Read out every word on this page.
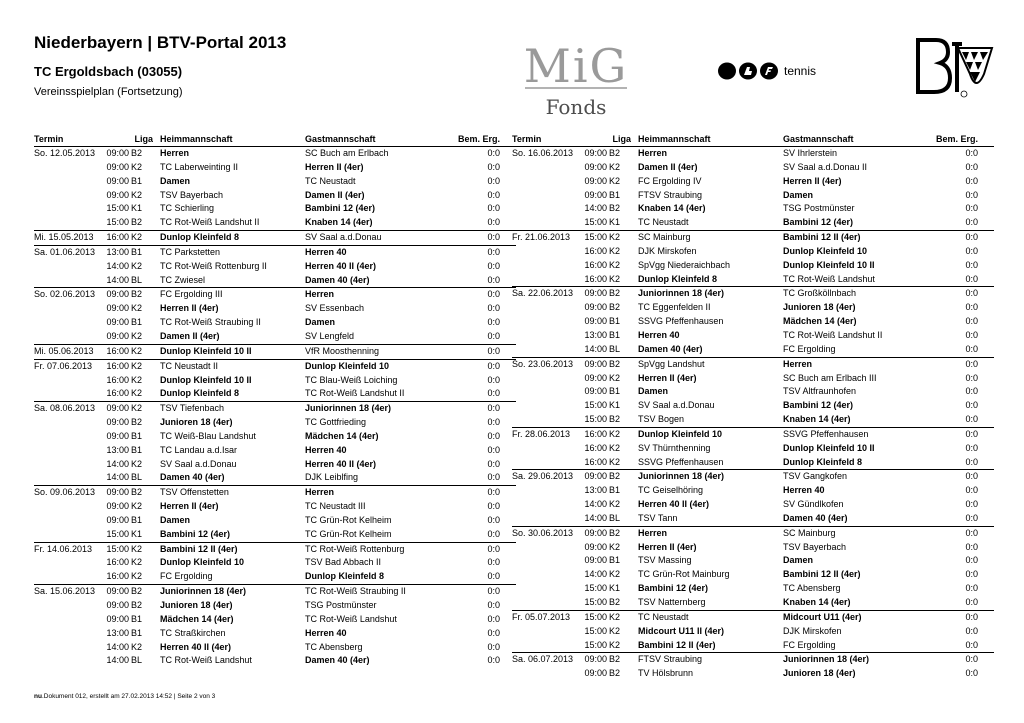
Niederbayern | BTV-Portal 2013
TC Ergoldsbach (03055)
Vereinsspielplan (Fortsetzung)	MiG
Fonds
tennis
Termin	Liga Heimmannschaft	Gastmannschaft	Bem. Erg.
So. 12.05.2013	09:00 B2	Herren	SC Buch am Erlbach	0:0
09:00 K2	TC Laberweinting II	Herren II (4er)	0:0
09:00 B1	Damen	TC Neustadt	0:0
09:00 K2	TSV Bayerbach	Damen II (4er)	0:0
15:00 K1	TC Schierling	Bambini 12 (4er)	0:0
15:00 B2	TC Rot-Weiß Landshut II	Knaben 14 (4er)	0:0
Mi. 15.05.2013	16:00 K2	Dunlop Kleinfeld 8	SV Saal a.d.Donau	0:0
Sa. 01.06.2013	13:00 B1	TC Parkstetten	Herren 40	0:0
14:00 K2	TC Rot-Weiß Rottenburg II	Herren 40 II (4er)	0:0
14:00 BL	TC Zwiesel	Damen 40 (4er)	0:0
So. 02.06.2013	09:00 B2	FC Ergolding III	Herren	0:0
09:00 K2	Herren II (4er)	SV Essenbach	0:0
09:00 B1	TC Rot-Weiß Straubing II	Damen	0:0
09:00 K2	Damen II (4er)	SV Lengfeld	0:0
Mi. 05.06.2013	16:00 K2	Dunlop Kleinfeld 10 II	VfR Moosthenning	0:0
Fr. 07.06.2013	16:00 K2	TC Neustadt II	Dunlop Kleinfeld 10	0:0
16:00 K2	Dunlop Kleinfeld 10 II	TC Blau-Weiß Loiching	0:0
16:00 K2	Dunlop Kleinfeld 8	TC Rot-Weiß Landshut II	0:0
Sa. 08.06.2013	09:00 K2	TSV Tiefenbach	Juniorinnen 18 (4er)	0:0
09:00 B2	Junioren 18 (4er)	TC Gottfrieding	0:0
09:00 B1	TC Weiß-Blau Landshut	Mädchen 14 (4er)	0:0
13:00 B1	TC Landau a.d.Isar	Herren 40	0:0
14:00 K2	SV Saal a.d.Donau	Herren 40 II (4er)	0:0
14:00 BL	Damen 40 (4er)	DJK Leiblfing	0:0
So. 09.06.2013	09:00 B2	TSV Offenstetten	Herren	0:0
09:00 K2	Herren II (4er)	TC Neustadt III	0:0
09:00 B1	Damen	TC Grün-Rot Kelheim	0:0
15:00 K1	Bambini 12 (4er)	TC Grün-Rot Kelheim	0:0
Fr. 14.06.2013	15:00 K2	Bambini 12 II (4er)	TC Rot-Weiß Rottenburg	0:0
16:00 K2	Dunlop Kleinfeld 10	TSV Bad Abbach II	0:0
16:00 K2	FC Ergolding	Dunlop Kleinfeld 8	0:0
Sa. 15.06.2013	09:00 B2	Juniorinnen 18 (4er)	TC Rot-Weiß Straubing II	0:0
09:00 B2	Junioren 18 (4er)	TSG Postmünster	0:0
09:00 B1	Mädchen 14 (4er)	TC Rot-Weiß Landshut	0:0
13:00 B1	TC Straßkirchen	Herren 40	0:0
14:00 K2	Herren 40 II (4er)	TC Abensberg	0:0
14:00 BL	TC Rot-Weiß Landshut	Damen 40 (4er)	0:0
Termin	Liga Heimmannschaft	Gastmannschaft	Bem. Erg.
So. 16.06.2013	09:00 B2	Herren	SV Ihrlerstein	0:0
09:00 K2	Damen II (4er)	SV Saal a.d.Donau II	0:0
09:00 K2	FC Ergolding IV	Herren II (4er)	0:0
09:00 B1	FTSV Straubing	Damen	0:0
14:00 B2	Knaben 14 (4er)	TSG Postmünster	0:0
15:00 K1	TC Neustadt	Bambini 12 (4er)	0:0
Fr. 21.06.2013	15:00 K2	SC Mainburg	Bambini 12 II (4er)	0:0
16:00 K2	DJK Mirskofen	Dunlop Kleinfeld 10	0:0
16:00 K2	SpVgg Niederaichbach	Dunlop Kleinfeld 10 II	0:0
16:00 K2	Dunlop Kleinfeld 8	TC Rot-Weiß Landshut	0:0
Sa. 22.06.2013	09:00 B2	Juniorinnen 18 (4er)	TC Großköllnbach	0:0
09:00 B2	TC Eggenfelden II	Junioren 18 (4er)	0:0
09:00 B1	SSVG Pfeffenhausen	Mädchen 14 (4er)	0:0
13:00 B1	Herren 40	TC Rot-Weiß Landshut II	0:0
14:00 BL	Damen 40 (4er)	FC Ergolding	0:0
So. 23.06.2013	09:00 B2	SpVgg Landshut	Herren	0:0
09:00 K2	Herren II (4er)	SC Buch am Erlbach III	0:0
09:00 B1	Damen	TSV Altfraunhofen	0:0
15:00 K1	SV Saal a.d.Donau	Bambini 12 (4er)	0:0
15:00 B2	TSV Bogen	Knaben 14 (4er)	0:0
Fr. 28.06.2013	16:00 K2	Dunlop Kleinfeld 10	SSVG Pfeffenhausen	0:0
16:00 K2	SV Thürnthenning	Dunlop Kleinfeld 10 II	0:0
16:00 K2	SSVG Pfeffenhausen	Dunlop Kleinfeld 8	0:0
Sa. 29.06.2013	09:00 B2	Juniorinnen 18 (4er)	TSV Gangkofen	0:0
13:00 B1	TC Geiselhöring	Herren 40	0:0
14:00 K2	Herren 40 II (4er)	SV Gündlkofen	0:0
14:00 BL	TSV Tann	Damen 40 (4er)	0:0
So. 30.06.2013	09:00 B2	Herren	SC Mainburg	0:0
09:00 K2	Herren II (4er)	TSV Bayerbach	0:0
09:00 B1	TSV Massing	Damen	0:0
14:00 K2	TC Grün-Rot Mainburg	Bambini 12 II (4er)	0:0
15:00 K1	Bambini 12 (4er)	TC Abensberg	0:0
15:00 B2	TSV Natternberg	Knaben 14 (4er)	0:0
Fr. 05.07.2013	15:00 K2	TC Neustadt	Midcourt U11 (4er)	0:0
15:00 K2	Midcourt U11 II (4er)	DJK Mirskofen	0:0
15:00 K2	Bambini 12 II (4er)	FC Ergolding	0:0
Sa. 06.07.2013	09:00 B2	FTSV Straubing	Juniorinnen 18 (4er)	0:0
09:00 B2	TV Hölsbrunn	Junioren 18 (4er)	0:0
nu.Dokument 012, erstellt am 27.02.2013 14:52 | Seite 2 von 3
